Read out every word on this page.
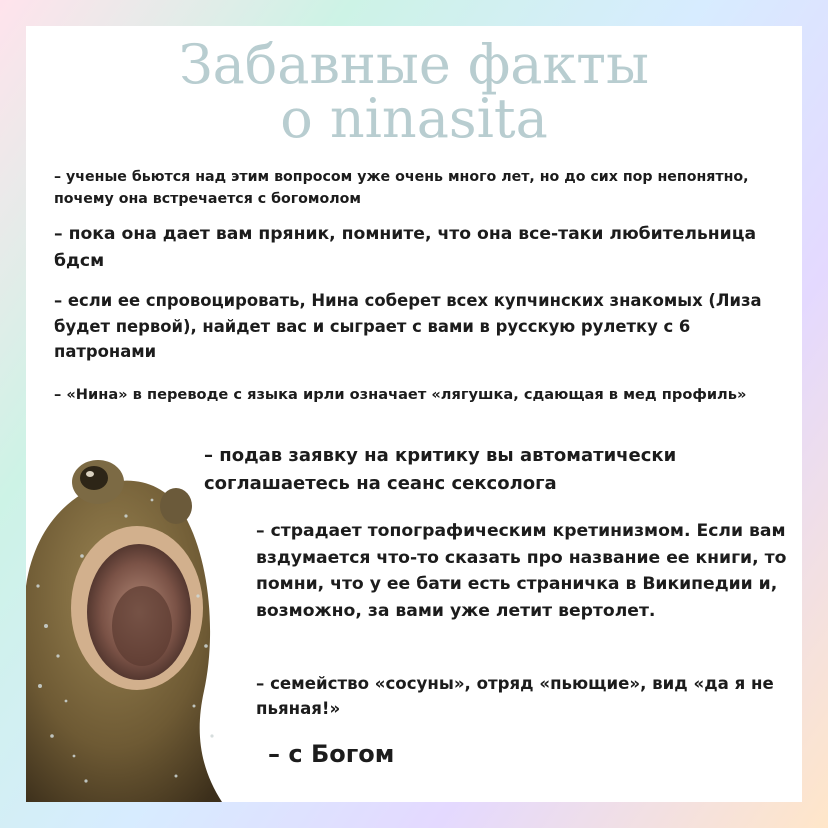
Забавные факты
о ninasita

– ученые бьются над этим вопросом уже очень много лет, но до сих пор непонятно, почему она встречается с богомолом

– пока она дает вам пряник, помните, что она все-таки любительница бдсм

– если ее спровоцировать, Нина соберет всех купчинских знакомых (Лиза будет первой), найдет вас и сыграет с вами в русскую рулетку с 6 патронами

– «Нина» в переводе с языка ирли означает «лягушка, сдающая в мед профиль»

– подав заявку на критику вы автоматически соглашаетесь на сеанс сексолога

– страдает топографическим кретинизмом. Если вам вздумается что-то сказать про название ее книги, то помни, что у ее бати есть страничка в Википедии и, возможно, за вами уже летит вертолет.

– семейство «сосуны», отряд «пьющие», вид «да я не пьяная!»

– с Богом
